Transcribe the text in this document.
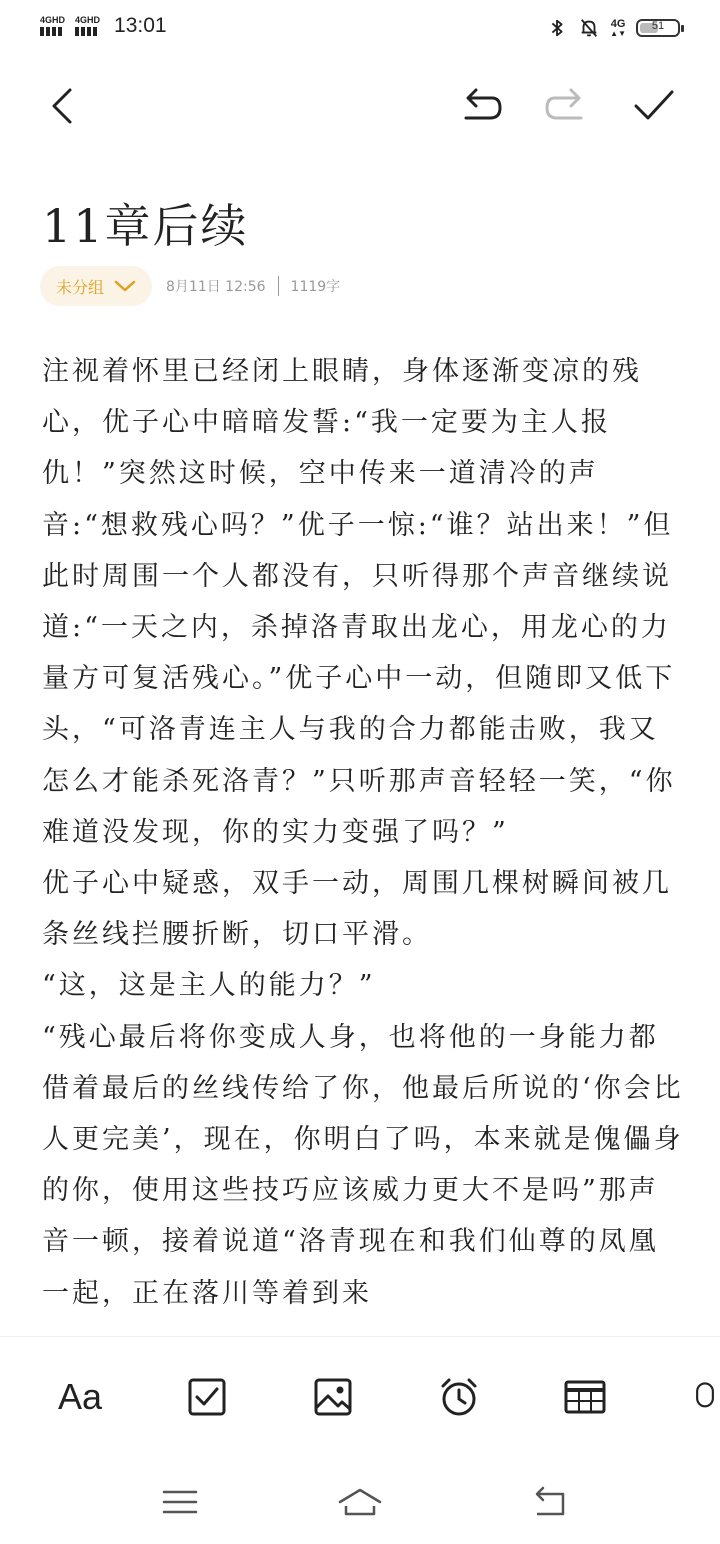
4GHD 4GHD 13:01	4G
▲▼
51
11章后续
未分组	8月11日 12:56 1119字

注视着怀里已经闭上眼睛，身体逐渐变凉的残心，优子心中暗暗发誓:“我一定要为主人报仇！”突然这时候，空中传来一道清冷的声音:“想救残心吗？”优子一惊:“谁？站出来！”但此时周围一个人都没有，只听得那个声音继续说道:“一天之内，杀掉洛青取出龙心，用龙心的力量方可复活残心。”优子心中一动，但随即又低下头，“可洛青连主人与我的合力都能击败，我又怎么才能杀死洛青？”只听那声音轻轻一笑，“你难道没发现，你的实力变强了吗？”

优子心中疑惑，双手一动，周围几棵树瞬间被几条丝线拦腰折断，切口平滑。

“这，这是主人的能力？”

“残心最后将你变成人身，也将他的一身能力都借着最后的丝线传给了你，他最后所说的‘你会比人更完美’，现在，你明白了吗，本来就是傀儡身的你，使用这些技巧应该威力更大不是吗”那声音一顿，接着说道“洛青现在和我们仙尊的凤凰一起，正在落川等着到来

Aa
